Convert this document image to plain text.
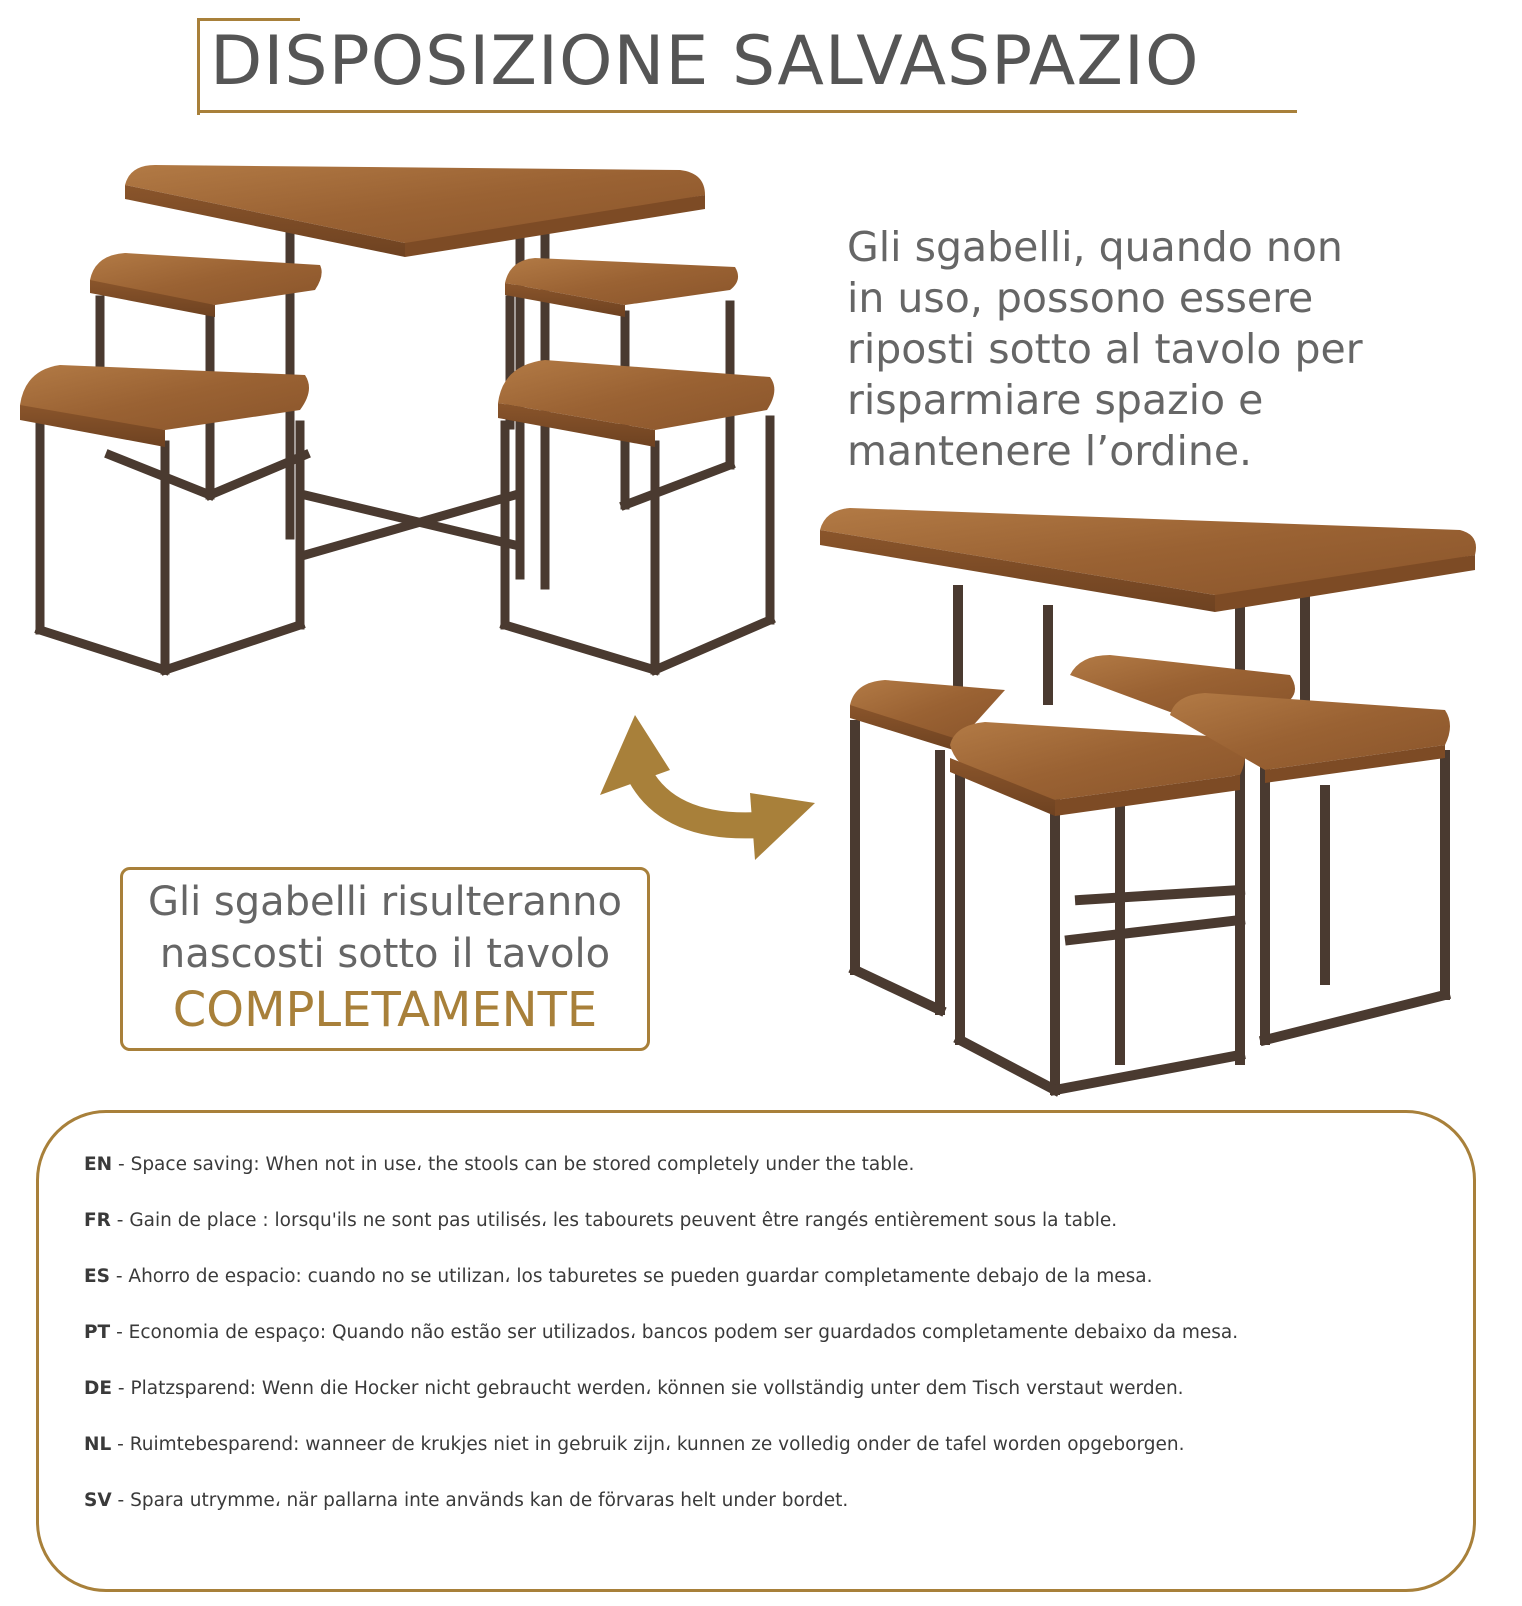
DISPOSIZIONE SALVASPAZIO
Gli sgabelli, quando non
in uso, possono essere
riposti sotto al tavolo per
risparmiare spazio e
mantenere l’ordine.
Gli sgabelli risulteranno
nascosti sotto il tavolo
COMPLETAMENTE
EN - Space saving: When not in use، the stools can be stored completely under the table.
FR - Gain de place : lorsqu'ils ne sont pas utilisés، les tabourets peuvent être rangés entièrement sous la table.
ES - Ahorro de espacio: cuando no se utilizan، los taburetes se pueden guardar completamente debajo de la mesa.
PT - Economia de espaço: Quando não estão ser utilizados، bancos podem ser guardados completamente debaixo da mesa.
DE - Platzsparend: Wenn die Hocker nicht gebraucht werden، können sie vollständig unter dem Tisch verstaut werden.
NL - Ruimtebesparend: wanneer de krukjes niet in gebruik zijn، kunnen ze volledig onder de tafel worden opgeborgen.
SV - Spara utrymme، när pallarna inte används kan de förvaras helt under bordet.
